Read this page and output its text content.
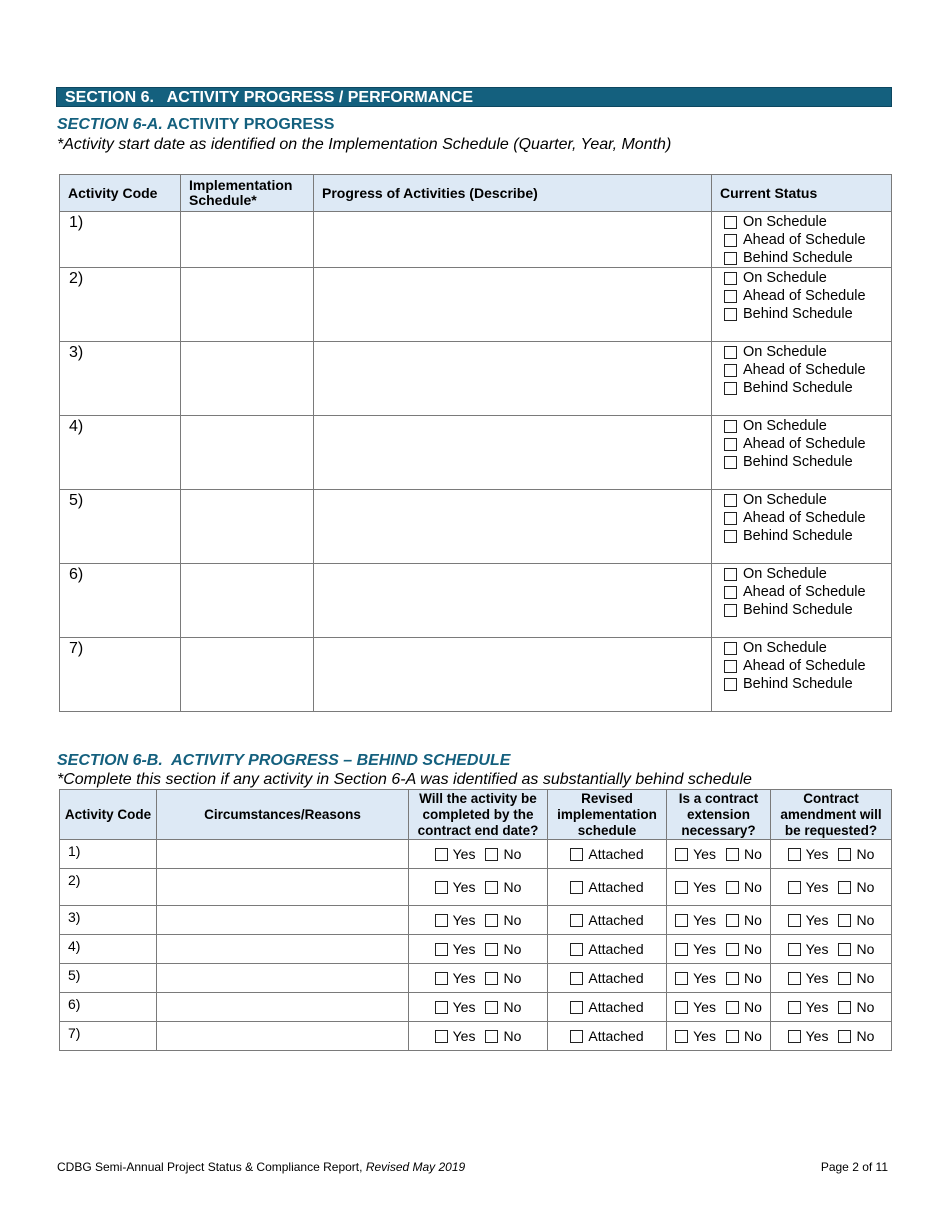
SECTION 6.   ACTIVITY PROGRESS / PERFORMANCE
SECTION 6-A. ACTIVITY PROGRESS
*Activity start date as identified on the Implementation Schedule (Quarter, Year, Month)
Activity Code	Implementation Schedule*	Progress of Activities (Describe)	Current Status
1)			On Schedule
Ahead of Schedule
Behind Schedule

2)			On Schedule
Ahead of Schedule
Behind Schedule

3)			On Schedule
Ahead of Schedule
Behind Schedule

4)			On Schedule
Ahead of Schedule
Behind Schedule

5)			On Schedule
Ahead of Schedule
Behind Schedule

6)			On Schedule
Ahead of Schedule
Behind Schedule

7)			On Schedule
Ahead of Schedule
Behind Schedule
SECTION 6-B.  ACTIVITY PROGRESS – BEHIND SCHEDULE
*Complete this section if any activity in Section 6-A was identified as substantially behind schedule
Activity Code	Circumstances/Reasons	Will the activity be completed by the contract end date?	Revised implementation schedule	Is a contract extension necessary?	Contract amendment will be requested?
1)		Yes No	Attached	Yes No	Yes No

2)		Yes No	Attached	Yes No	Yes No

3)		Yes No	Attached	Yes No	Yes No

4)		Yes No	Attached	Yes No	Yes No

5)		Yes No	Attached	Yes No	Yes No

6)		Yes No	Attached	Yes No	Yes No

7)		Yes No	Attached	Yes No	Yes No
CDBG Semi-Annual Project Status & Compliance Report, Revised May 2019	Page 2 of 11
